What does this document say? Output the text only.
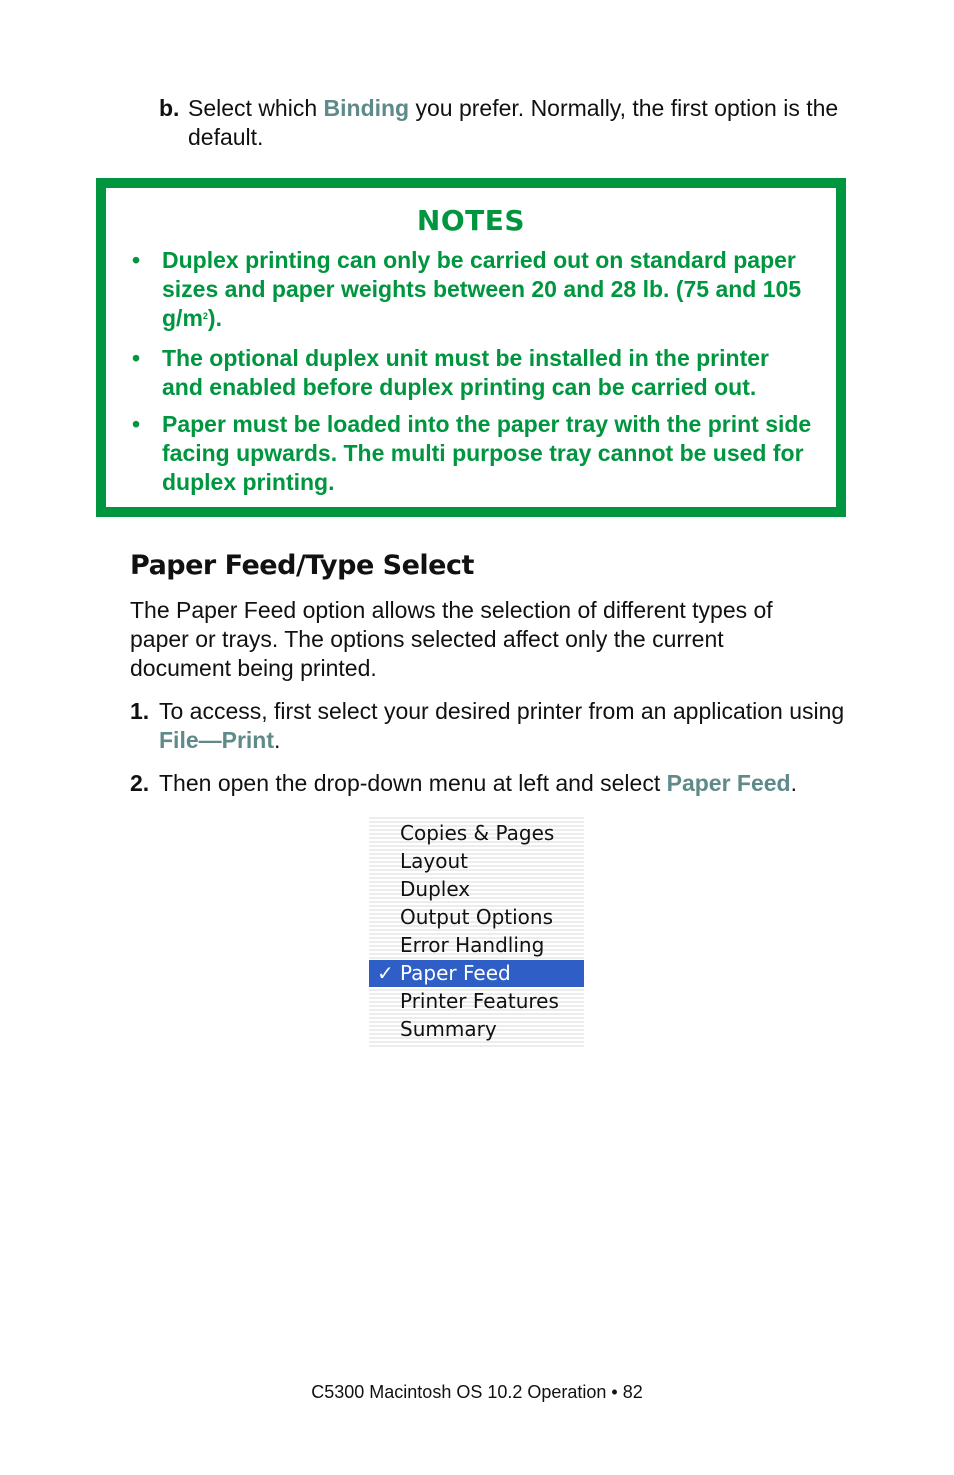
b. Select which Binding you prefer. Normally, the first option is the default.
NOTES
• Duplex printing can only be carried out on standard paper sizes and paper weights between 20 and 28 lb. (75 and 105 $g/m^2$).
• The optional duplex unit must be installed in the printer and enabled before duplex printing can be carried out.
• Paper must be loaded into the paper tray with the print side facing upwards. The multi purpose tray cannot be used for duplex printing.
Paper Feed/Type Select
The Paper Feed option allows the selection of different types of paper or trays. The options selected affect only the current document being printed.
1. To access, first select your desired printer from an application using File—Print.
2. Then open the drop-down menu at left and select Paper Feed.
Copies & Pages
Layout
Duplex
Output Options
Error Handling
✓ Paper Feed
Printer Features
Summary
C5300 Macintosh OS 10.2 Operation • 82
